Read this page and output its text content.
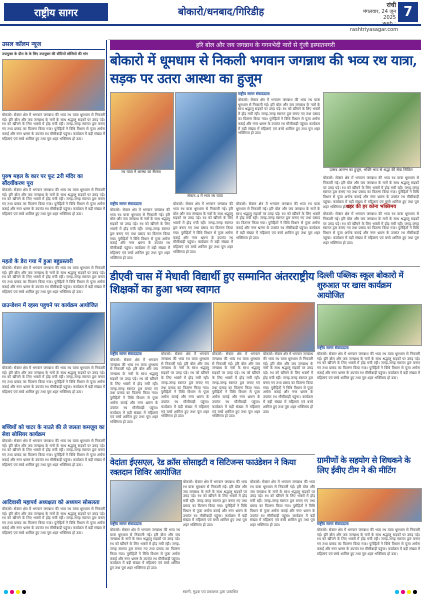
राष्ट्रीय सागर	बोकारो/धनबाद/गिरिडीह
रांची
मंगलवार, 24 जून 2025
rashtriyasagar.com
7
हरि बोल और जय जगन्नाथ के गगनभेदी नारों से गूंजी इस्पातनगरी
उसल कॉलम न्यूज
उपायुक्त के दौरा के के लिए उपायुक्त की सौटियों सोसियो की मांग
बोकारो। सेक्टर क्षेत्र में भगवान जगन्नाथ की भव्य रथ यात्रा धूमधाम से निकाली गई। हरि बोल और जय जगन्नाथ के नारों के साथ श्रद्धालु सड़कों पर उमड़ पड़े। रथ को खींचने के लिए भक्तों में होड़ मची रही। जगह-जगह स्वागत द्वार बनाए गए तथा प्रसाद का वितरण किया गया। पुरोहितों ने विधि विधान से पूजा अर्चना कराई और नगर भ्रमण के उपरांत रथ मौसीबाड़ी पहुंचा। कार्यक्रम में बड़ी संख्या में महिलाएं एवं बच्चे शामिल हुए तथा पूरा शहर भक्तिमय हो उठा।
पुरुष महल के कार पर फूट 2री मंदिर का सौंदर्यीकरण पूरा
बोकारो। सेक्टर क्षेत्र में भगवान जगन्नाथ की भव्य रथ यात्रा धूमधाम से निकाली गई। हरि बोल और जय जगन्नाथ के नारों के साथ श्रद्धालु सड़कों पर उमड़ पड़े। रथ को खींचने के लिए भक्तों में होड़ मची रही। जगह-जगह स्वागत द्वार बनाए गए तथा प्रसाद का वितरण किया गया। पुरोहितों ने विधि विधान से पूजा अर्चना कराई और नगर भ्रमण के उपरांत रथ मौसीबाड़ी पहुंचा। कार्यक्रम में बड़ी संख्या में महिलाएं एवं बच्चे शामिल हुए तथा पूरा शहर भक्तिमय हो उठा।
महतो के डेरा गया में हुआ बहुप्रस्तारी
बोकारो। सेक्टर क्षेत्र में भगवान जगन्नाथ की भव्य रथ यात्रा धूमधाम से निकाली गई। हरि बोल और जय जगन्नाथ के नारों के साथ श्रद्धालु सड़कों पर उमड़ पड़े। रथ को खींचने के लिए भक्तों में होड़ मची रही। जगह-जगह स्वागत द्वार बनाए गए तथा प्रसाद का वितरण किया गया। पुरोहितों ने विधि विधान से पूजा अर्चना कराई और नगर भ्रमण के उपरांत रथ मौसीबाड़ी पहुंचा। कार्यक्रम में बड़ी संख्या में महिलाएं एवं बच्चे शामिल हुए तथा पूरा शहर भक्तिमय हो उठा।
ग्राउन्डेशन में रहस्य पहुचने पर कार्यक्रम आयोजित
बोकारो। सेक्टर क्षेत्र में भगवान जगन्नाथ की भव्य रथ यात्रा धूमधाम से निकाली गई। हरि बोल और जय जगन्नाथ के नारों के साथ श्रद्धालु सड़कों पर उमड़ पड़े। रथ को खींचने के लिए भक्तों में होड़ मची रही। जगह-जगह स्वागत द्वार बनाए गए तथा प्रसाद का वितरण किया गया। पुरोहितों ने विधि विधान से पूजा अर्चना कराई और नगर भ्रमण के उपरांत रथ मौसीबाड़ी पहुंचा। कार्यक्रम में बड़ी संख्या में महिलाएं एवं बच्चे शामिल हुए तथा पूरा शहर भक्तिमय हो उठा।
बच्चियों को चाटर के नाउते की ले जलता कमज़ूय का सेवा सोसियर कार्यक्रम
बोकारो। सेक्टर क्षेत्र में भगवान जगन्नाथ की भव्य रथ यात्रा धूमधाम से निकाली गई। हरि बोल और जय जगन्नाथ के नारों के साथ श्रद्धालु सड़कों पर उमड़ पड़े। रथ को खींचने के लिए भक्तों में होड़ मची रही। जगह-जगह स्वागत द्वार बनाए गए तथा प्रसाद का वितरण किया गया। पुरोहितों ने विधि विधान से पूजा अर्चना कराई और नगर भ्रमण के उपरांत रथ मौसीबाड़ी पहुंचा। कार्यक्रम में बड़ी संख्या में महिलाएं एवं बच्चे शामिल हुए तथा पूरा शहर भक्तिमय हो उठा।
आदिवासी महापर्व अध्यक्षता को अध्ययन सोसलता
बोकारो। सेक्टर क्षेत्र में भगवान जगन्नाथ की भव्य रथ यात्रा धूमधाम से निकाली गई। हरि बोल और जय जगन्नाथ के नारों के साथ श्रद्धालु सड़कों पर उमड़ पड़े। रथ को खींचने के लिए भक्तों में होड़ मची रही। जगह-जगह स्वागत द्वार बनाए गए तथा प्रसाद का वितरण किया गया। पुरोहितों ने विधि विधान से पूजा अर्चना कराई और नगर भ्रमण के उपरांत रथ मौसीबाड़ी पहुंचा। कार्यक्रम में बड़ी संख्या में महिलाएं एवं बच्चे शामिल हुए तथा पूरा शहर भक्तिमय हो उठा।
बोकारो में धूमधाम से निकली भगवान जगन्नाथ की भव्य रथ यात्रा, सड़क पर उतरा आस्था का हुजूम
रथ यात्रा में आस्था का सैलाब
सेक्टर-4 में भव्य रथ यात्रा
राष्ट्रीय सागर संवाददाता
बोकारो। सेक्टर क्षेत्र में भगवान जगन्नाथ की भव्य रथ यात्रा धूमधाम से निकाली गई। हरि बोल और जय जगन्नाथ के नारों के साथ श्रद्धालु सड़कों पर उमड़ पड़े। रथ को खींचने के लिए भक्तों में होड़ मची रही। जगह-जगह स्वागत द्वार बनाए गए तथा प्रसाद का वितरण किया गया। पुरोहितों ने विधि विधान से पूजा अर्चना कराई और नगर भ्रमण के उपरांत रथ मौसीबाड़ी पहुंचा। कार्यक्रम में बड़ी संख्या में महिलाएं एवं बच्चे शामिल हुए तथा पूरा शहर भक्तिमय हो उठा।
उत्सव आरम्भ का हुजूम, भक्ति भाव से श्रद्धा की सेवा सिविल
बोकारो। सेक्टर क्षेत्र में भगवान जगन्नाथ की भव्य रथ यात्रा धूमधाम से निकाली गई। हरि बोल और जय जगन्नाथ के नारों के साथ श्रद्धालु सड़कों पर उमड़ पड़े। रथ को खींचने के लिए भक्तों में होड़ मची रही। जगह-जगह स्वागत द्वार बनाए गए तथा प्रसाद का वितरण किया गया। पुरोहितों ने विधि विधान से पूजा अर्चना कराई और नगर भ्रमण के उपरांत रथ मौसीबाड़ी पहुंचा। कार्यक्रम में बड़ी संख्या में महिलाएं एवं बच्चे शामिल हुए तथा पूरा शहर भक्तिमय हो उठा।
राष्ट्रीय सागर संवाददाता
बोकारो। सेक्टर क्षेत्र में भगवान जगन्नाथ की भव्य रथ यात्रा धूमधाम से निकाली गई। हरि बोल और जय जगन्नाथ के नारों के साथ श्रद्धालु सड़कों पर उमड़ पड़े। रथ को खींचने के लिए भक्तों में होड़ मची रही। जगह-जगह स्वागत द्वार बनाए गए तथा प्रसाद का वितरण किया गया। पुरोहितों ने विधि विधान से पूजा अर्चना कराई और नगर भ्रमण के उपरांत रथ मौसीबाड़ी पहुंचा। कार्यक्रम में बड़ी संख्या में महिलाएं एवं बच्चे शामिल हुए तथा पूरा शहर भक्तिमय हो उठा।
बोकारो। सेक्टर क्षेत्र में भगवान जगन्नाथ की भव्य रथ यात्रा धूमधाम से निकाली गई। हरि बोल और जय जगन्नाथ के नारों के साथ श्रद्धालु सड़कों पर उमड़ पड़े। रथ को खींचने के लिए भक्तों में होड़ मची रही। जगह-जगह स्वागत द्वार बनाए गए तथा प्रसाद का वितरण किया गया। पुरोहितों ने विधि विधान से पूजा अर्चना कराई और नगर भ्रमण के उपरांत रथ मौसीबाड़ी पहुंचा। कार्यक्रम में बड़ी संख्या में महिलाएं एवं बच्चे शामिल हुए तथा पूरा शहर भक्तिमय हो उठा।
बोकारो। सेक्टर क्षेत्र में भगवान जगन्नाथ की भव्य रथ यात्रा धूमधाम से निकाली गई। हरि बोल और जय जगन्नाथ के नारों के साथ श्रद्धालु सड़कों पर उमड़ पड़े। रथ को खींचने के लिए भक्तों में होड़ मची रही। जगह-जगह स्वागत द्वार बनाए गए तथा प्रसाद का वितरण किया गया। पुरोहितों ने विधि विधान से पूजा अर्चना कराई और नगर भ्रमण के उपरांत रथ मौसीबाड़ी पहुंचा। कार्यक्रम में बड़ी संख्या में महिलाएं एवं बच्चे शामिल हुए तथा पूरा शहर भक्तिमय हो उठा।
शहर की हर कोना भक्तिमय
बोकारो। सेक्टर क्षेत्र में भगवान जगन्नाथ की भव्य रथ यात्रा धूमधाम से निकाली गई। हरि बोल और जय जगन्नाथ के नारों के साथ श्रद्धालु सड़कों पर उमड़ पड़े। रथ को खींचने के लिए भक्तों में होड़ मची रही। जगह-जगह स्वागत द्वार बनाए गए तथा प्रसाद का वितरण किया गया। पुरोहितों ने विधि विधान से पूजा अर्चना कराई और नगर भ्रमण के उपरांत रथ मौसीबाड़ी पहुंचा। कार्यक्रम में बड़ी संख्या में महिलाएं एवं बच्चे शामिल हुए तथा पूरा शहर भक्तिमय हो उठा।
डीएवी चास में मेधावी विद्यार्थी हुए सम्मानित अंतरराष्ट्रीय शिक्षकों का हुआ भव्य स्वागत
राष्ट्रीय सागर संवाददाता
बोकारो। सेक्टर क्षेत्र में भगवान जगन्नाथ की भव्य रथ यात्रा धूमधाम से निकाली गई। हरि बोल और जय जगन्नाथ के नारों के साथ श्रद्धालु सड़कों पर उमड़ पड़े। रथ को खींचने के लिए भक्तों में होड़ मची रही। जगह-जगह स्वागत द्वार बनाए गए तथा प्रसाद का वितरण किया गया। पुरोहितों ने विधि विधान से पूजा अर्चना कराई और नगर भ्रमण के उपरांत रथ मौसीबाड़ी पहुंचा। कार्यक्रम में बड़ी संख्या में महिलाएं एवं बच्चे शामिल हुए तथा पूरा शहर भक्तिमय हो उठा।
बोकारो। सेक्टर क्षेत्र में भगवान जगन्नाथ की भव्य रथ यात्रा धूमधाम से निकाली गई। हरि बोल और जय जगन्नाथ के नारों के साथ श्रद्धालु सड़कों पर उमड़ पड़े। रथ को खींचने के लिए भक्तों में होड़ मची रही। जगह-जगह स्वागत द्वार बनाए गए तथा प्रसाद का वितरण किया गया। पुरोहितों ने विधि विधान से पूजा अर्चना कराई और नगर भ्रमण के उपरांत रथ मौसीबाड़ी पहुंचा। कार्यक्रम में बड़ी संख्या में महिलाएं एवं बच्चे शामिल हुए तथा पूरा शहर भक्तिमय हो उठा।
बोकारो। सेक्टर क्षेत्र में भगवान जगन्नाथ की भव्य रथ यात्रा धूमधाम से निकाली गई। हरि बोल और जय जगन्नाथ के नारों के साथ श्रद्धालु सड़कों पर उमड़ पड़े। रथ को खींचने के लिए भक्तों में होड़ मची रही। जगह-जगह स्वागत द्वार बनाए गए तथा प्रसाद का वितरण किया गया। पुरोहितों ने विधि विधान से पूजा अर्चना कराई और नगर भ्रमण के उपरांत रथ मौसीबाड़ी पहुंचा। कार्यक्रम में बड़ी संख्या में महिलाएं एवं बच्चे शामिल हुए तथा पूरा शहर भक्तिमय हो उठा।
बोकारो। सेक्टर क्षेत्र में भगवान जगन्नाथ की भव्य रथ यात्रा धूमधाम से निकाली गई। हरि बोल और जय जगन्नाथ के नारों के साथ श्रद्धालु सड़कों पर उमड़ पड़े। रथ को खींचने के लिए भक्तों में होड़ मची रही। जगह-जगह स्वागत द्वार बनाए गए तथा प्रसाद का वितरण किया गया। पुरोहितों ने विधि विधान से पूजा अर्चना कराई और नगर भ्रमण के उपरांत रथ मौसीबाड़ी पहुंचा। कार्यक्रम में बड़ी संख्या में महिलाएं एवं बच्चे शामिल हुए तथा पूरा शहर भक्तिमय हो उठा।
दिल्ली पब्लिक स्कूल बोकारो में शुरुआत पर खास कार्यक्रम आयोजित
राष्ट्रीय सागर संवाददाता
बोकारो। सेक्टर क्षेत्र में भगवान जगन्नाथ की भव्य रथ यात्रा धूमधाम से निकाली गई। हरि बोल और जय जगन्नाथ के नारों के साथ श्रद्धालु सड़कों पर उमड़ पड़े। रथ को खींचने के लिए भक्तों में होड़ मची रही। जगह-जगह स्वागत द्वार बनाए गए तथा प्रसाद का वितरण किया गया। पुरोहितों ने विधि विधान से पूजा अर्चना कराई और नगर भ्रमण के उपरांत रथ मौसीबाड़ी पहुंचा। कार्यक्रम में बड़ी संख्या में महिलाएं एवं बच्चे शामिल हुए तथा पूरा शहर भक्तिमय हो उठा।
वेदांता ईएसएल, रेड क्रॉस सोसाइटी व सिटिजन्स फाउंडेशन ने किया रक्तदान शिविर आयोजित
राष्ट्रीय सागर संवाददाता
बोकारो। सेक्टर क्षेत्र में भगवान जगन्नाथ की भव्य रथ यात्रा धूमधाम से निकाली गई। हरि बोल और जय जगन्नाथ के नारों के साथ श्रद्धालु सड़कों पर उमड़ पड़े। रथ को खींचने के लिए भक्तों में होड़ मची रही। जगह-जगह स्वागत द्वार बनाए गए तथा प्रसाद का वितरण किया गया। पुरोहितों ने विधि विधान से पूजा अर्चना कराई और नगर भ्रमण के उपरांत रथ मौसीबाड़ी पहुंचा। कार्यक्रम में बड़ी संख्या में महिलाएं एवं बच्चे शामिल हुए तथा पूरा शहर भक्तिमय हो उठा।
बोकारो। सेक्टर क्षेत्र में भगवान जगन्नाथ की भव्य रथ यात्रा धूमधाम से निकाली गई। हरि बोल और जय जगन्नाथ के नारों के साथ श्रद्धालु सड़कों पर उमड़ पड़े। रथ को खींचने के लिए भक्तों में होड़ मची रही। जगह-जगह स्वागत द्वार बनाए गए तथा प्रसाद का वितरण किया गया। पुरोहितों ने विधि विधान से पूजा अर्चना कराई और नगर भ्रमण के उपरांत रथ मौसीबाड़ी पहुंचा। कार्यक्रम में बड़ी संख्या में महिलाएं एवं बच्चे शामिल हुए तथा पूरा शहर भक्तिमय हो उठा।
बोकारो। सेक्टर क्षेत्र में भगवान जगन्नाथ की भव्य रथ यात्रा धूमधाम से निकाली गई। हरि बोल और जय जगन्नाथ के नारों के साथ श्रद्धालु सड़कों पर उमड़ पड़े। रथ को खींचने के लिए भक्तों में होड़ मची रही। जगह-जगह स्वागत द्वार बनाए गए तथा प्रसाद का वितरण किया गया। पुरोहितों ने विधि विधान से पूजा अर्चना कराई और नगर भ्रमण के उपरांत रथ मौसीबाड़ी पहुंचा। कार्यक्रम में बड़ी संख्या में महिलाएं एवं बच्चे शामिल हुए तथा पूरा शहर भक्तिमय हो उठा।
ग्रामीणों के सहयोग से शिधकने के लिए ईवीए टीम ने की मीटिंग
राष्ट्रीय सागर संवाददाता
बोकारो। सेक्टर क्षेत्र में भगवान जगन्नाथ की भव्य रथ यात्रा धूमधाम से निकाली गई। हरि बोल और जय जगन्नाथ के नारों के साथ श्रद्धालु सड़कों पर उमड़ पड़े। रथ को खींचने के लिए भक्तों में होड़ मची रही। जगह-जगह स्वागत द्वार बनाए गए तथा प्रसाद का वितरण किया गया। पुरोहितों ने विधि विधान से पूजा अर्चना कराई और नगर भ्रमण के उपरांत रथ मौसीबाड़ी पहुंचा। कार्यक्रम में बड़ी संख्या में महिलाएं एवं बच्चे शामिल हुए तथा पूरा शहर भक्तिमय हो उठा।
स्वामी, मुद्रक एवं प्रकाशक द्वारा प्रकाशित
